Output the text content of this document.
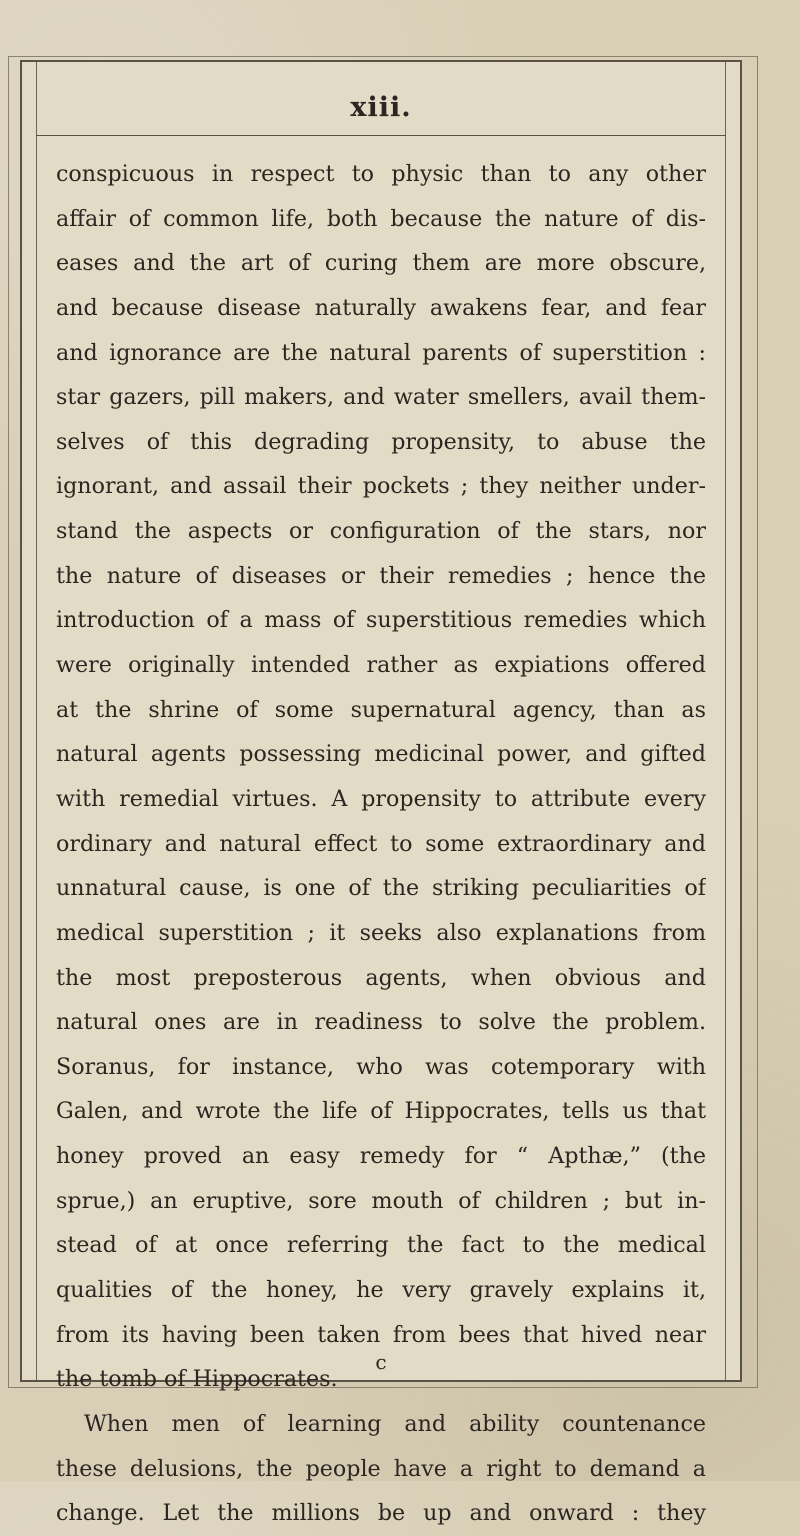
xiii.
conspicuous in respect to physic than to any other
affair of common life, both because the nature of dis-
eases and the art of curing them are more obscure,
and because disease naturally awakens fear, and fear
and ignorance are the natural parents of superstition :
star gazers, pill makers, and water smellers, avail them-
selves of this degrading propensity, to abuse the
ignorant, and assail their pockets ; they neither under-
stand the aspects or configuration of the stars, nor
the nature of diseases or their remedies ; hence the
introduction of a mass of superstitious remedies which
were originally intended rather as expiations offered
at the shrine of some supernatural agency, than as
natural agents possessing medicinal power, and gifted
with remedial virtues. A propensity to attribute every
ordinary and natural effect to some extraordinary and
unnatural cause, is one of the striking peculiarities of
medical superstition ; it seeks also explanations from
the most preposterous agents, when obvious and
natural ones are in readiness to solve the problem.
Soranus, for instance, who was cotemporary with
Galen, and wrote the life of Hippocrates, tells us that
honey proved an easy remedy for “ Apthæ,” (the
sprue,) an eruptive, sore mouth of children ; but in-
stead of at once referring the fact to the medical
qualities of the honey, he very gravely explains it,
from its having been taken from bees that hived near
the tomb of Hippocrates.
When men of learning and ability countenance
these delusions, the people have a right to demand a
change. Let the millions be up and onward : they
c
